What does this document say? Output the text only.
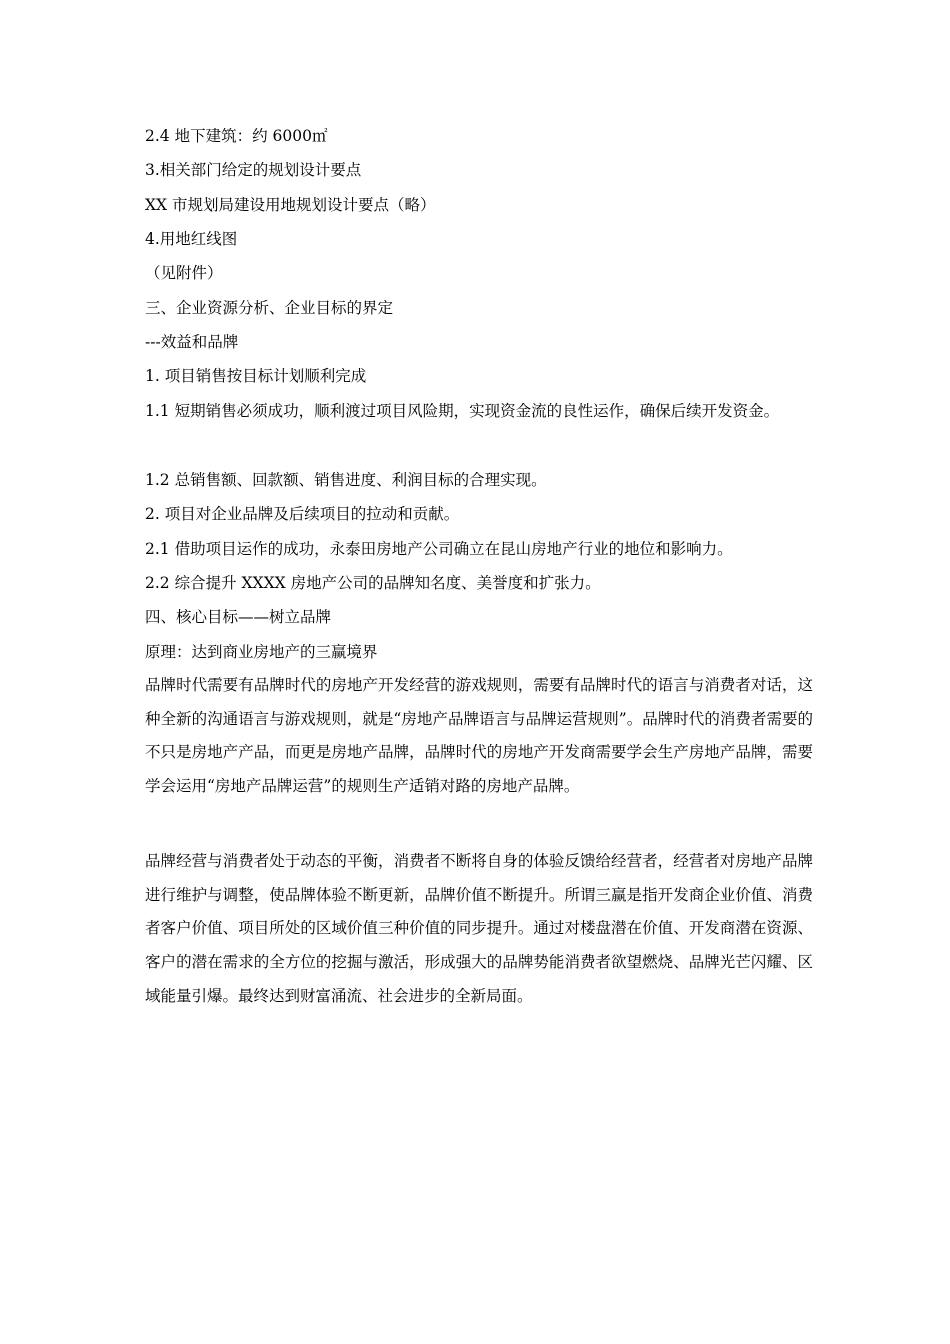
2.4 地下建筑：约 6000㎡
3.相关部门给定的规划设计要点
XX 市规划局建设用地规划设计要点（略）
4.用地红线图
（见附件）
三、企业资源分析、企业目标的界定
---效益和品牌
1. 项目销售按目标计划顺利完成
1.1 短期销售必须成功，顺利渡过项目风险期，实现资金流的良性运作，确保后续开发资金。
1.2 总销售额、回款额、销售进度、利润目标的合理实现。
2. 项目对企业品牌及后续项目的拉动和贡献。
2.1 借助项目运作的成功，永泰田房地产公司确立在昆山房地产行业的地位和影响力。
2.2 综合提升 XXXX 房地产公司的品牌知名度、美誉度和扩张力。
四、核心目标——树立品牌
原理：达到商业房地产的三赢境界
品牌时代需要有品牌时代的房地产开发经营的游戏规则，需要有品牌时代的语言与消费者对话，这种全新的沟通语言与游戏规则，就是“房地产品牌语言与品牌运营规则”。品牌时代的消费者需要的不只是房地产产品，而更是房地产品牌，品牌时代的房地产开发商需要学会生产房地产品牌，需要学会运用“房地产品牌运营”的规则生产适销对路的房地产品牌。
品牌经营与消费者处于动态的平衡，消费者不断将自身的体验反馈给经营者，经营者对房地产品牌进行维护与调整，使品牌体验不断更新，品牌价值不断提升。所谓三赢是指开发商企业价值、消费者客户价值、项目所处的区域价值三种价值的同步提升。通过对楼盘潜在价值、开发商潜在资源、客户的潜在需求的全方位的挖掘与激活，形成强大的品牌势能消费者欲望燃烧、品牌光芒闪耀、区域能量引爆。最终达到财富涌流、社会进步的全新局面。
